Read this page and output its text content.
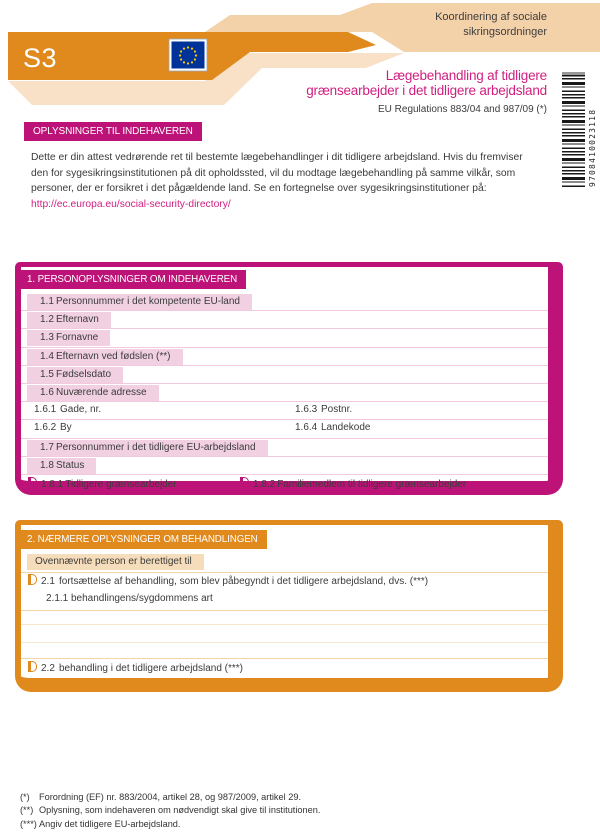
S3
Koordinering af sociale
sikringsordninger
9708410023118
Lægebehandling af tidligere
grænsearbejder i det tidligere arbejdsland
EU Regulations 883/04 and 987/09 (*)
OPLYSNINGER TIL INDEHAVEREN
Dette er din attest vedrørende ret til bestemte lægebehandlinger i dit tidligere arbejdsland. Hvis du fremviser
den for sygesikringsinstitutionen på dit opholdssted, vil du modtage lægebehandling på samme vilkår, som
personer, der er forsikret i det pågældende land. Se en fortegnelse over sygesikringsinstitutioner på:
http://ec.europa.eu/social-security-directory/
1. PERSONOPLYSNINGER OM INDEHAVEREN
1.1 Personnummer i det kompetente EU-land
1.2 Efternavn
1.3 Fornavne
1.4 Efternavn ved fødslen (**)
1.5 Fødselsdato
1.6 Nuværende adresse
1.6.1 Gade, nr.	1.6.3 Postnr.
1.6.2 By	1.6.4 Landekode
1.7 Personnummer i det tidligere EU-arbejdsland
1.8 Status
1.8.1  Tidligere grænsearbejder	1.8.2  Familiemedlem til tidligere grænsearbejder
2. NÆRMERE OPLYSNINGER OM BEHANDLINGEN
Ovennævnte person er berettiget til
2.1 fortsættelse af behandling, som blev påbegyndt i det tidligere arbejdsland, dvs. (***)
2.1.1 behandlingens/sygdommens art
2.2 behandling i det tidligere arbejdsland (***)
(*) Forordning (EF) nr. 883/2004, artikel 28, og 987/2009, artikel 29.
(**) Oplysning, som indehaveren om nødvendigt skal give til institutionen.
(***) Angiv det tidligere EU-arbejdsland.
